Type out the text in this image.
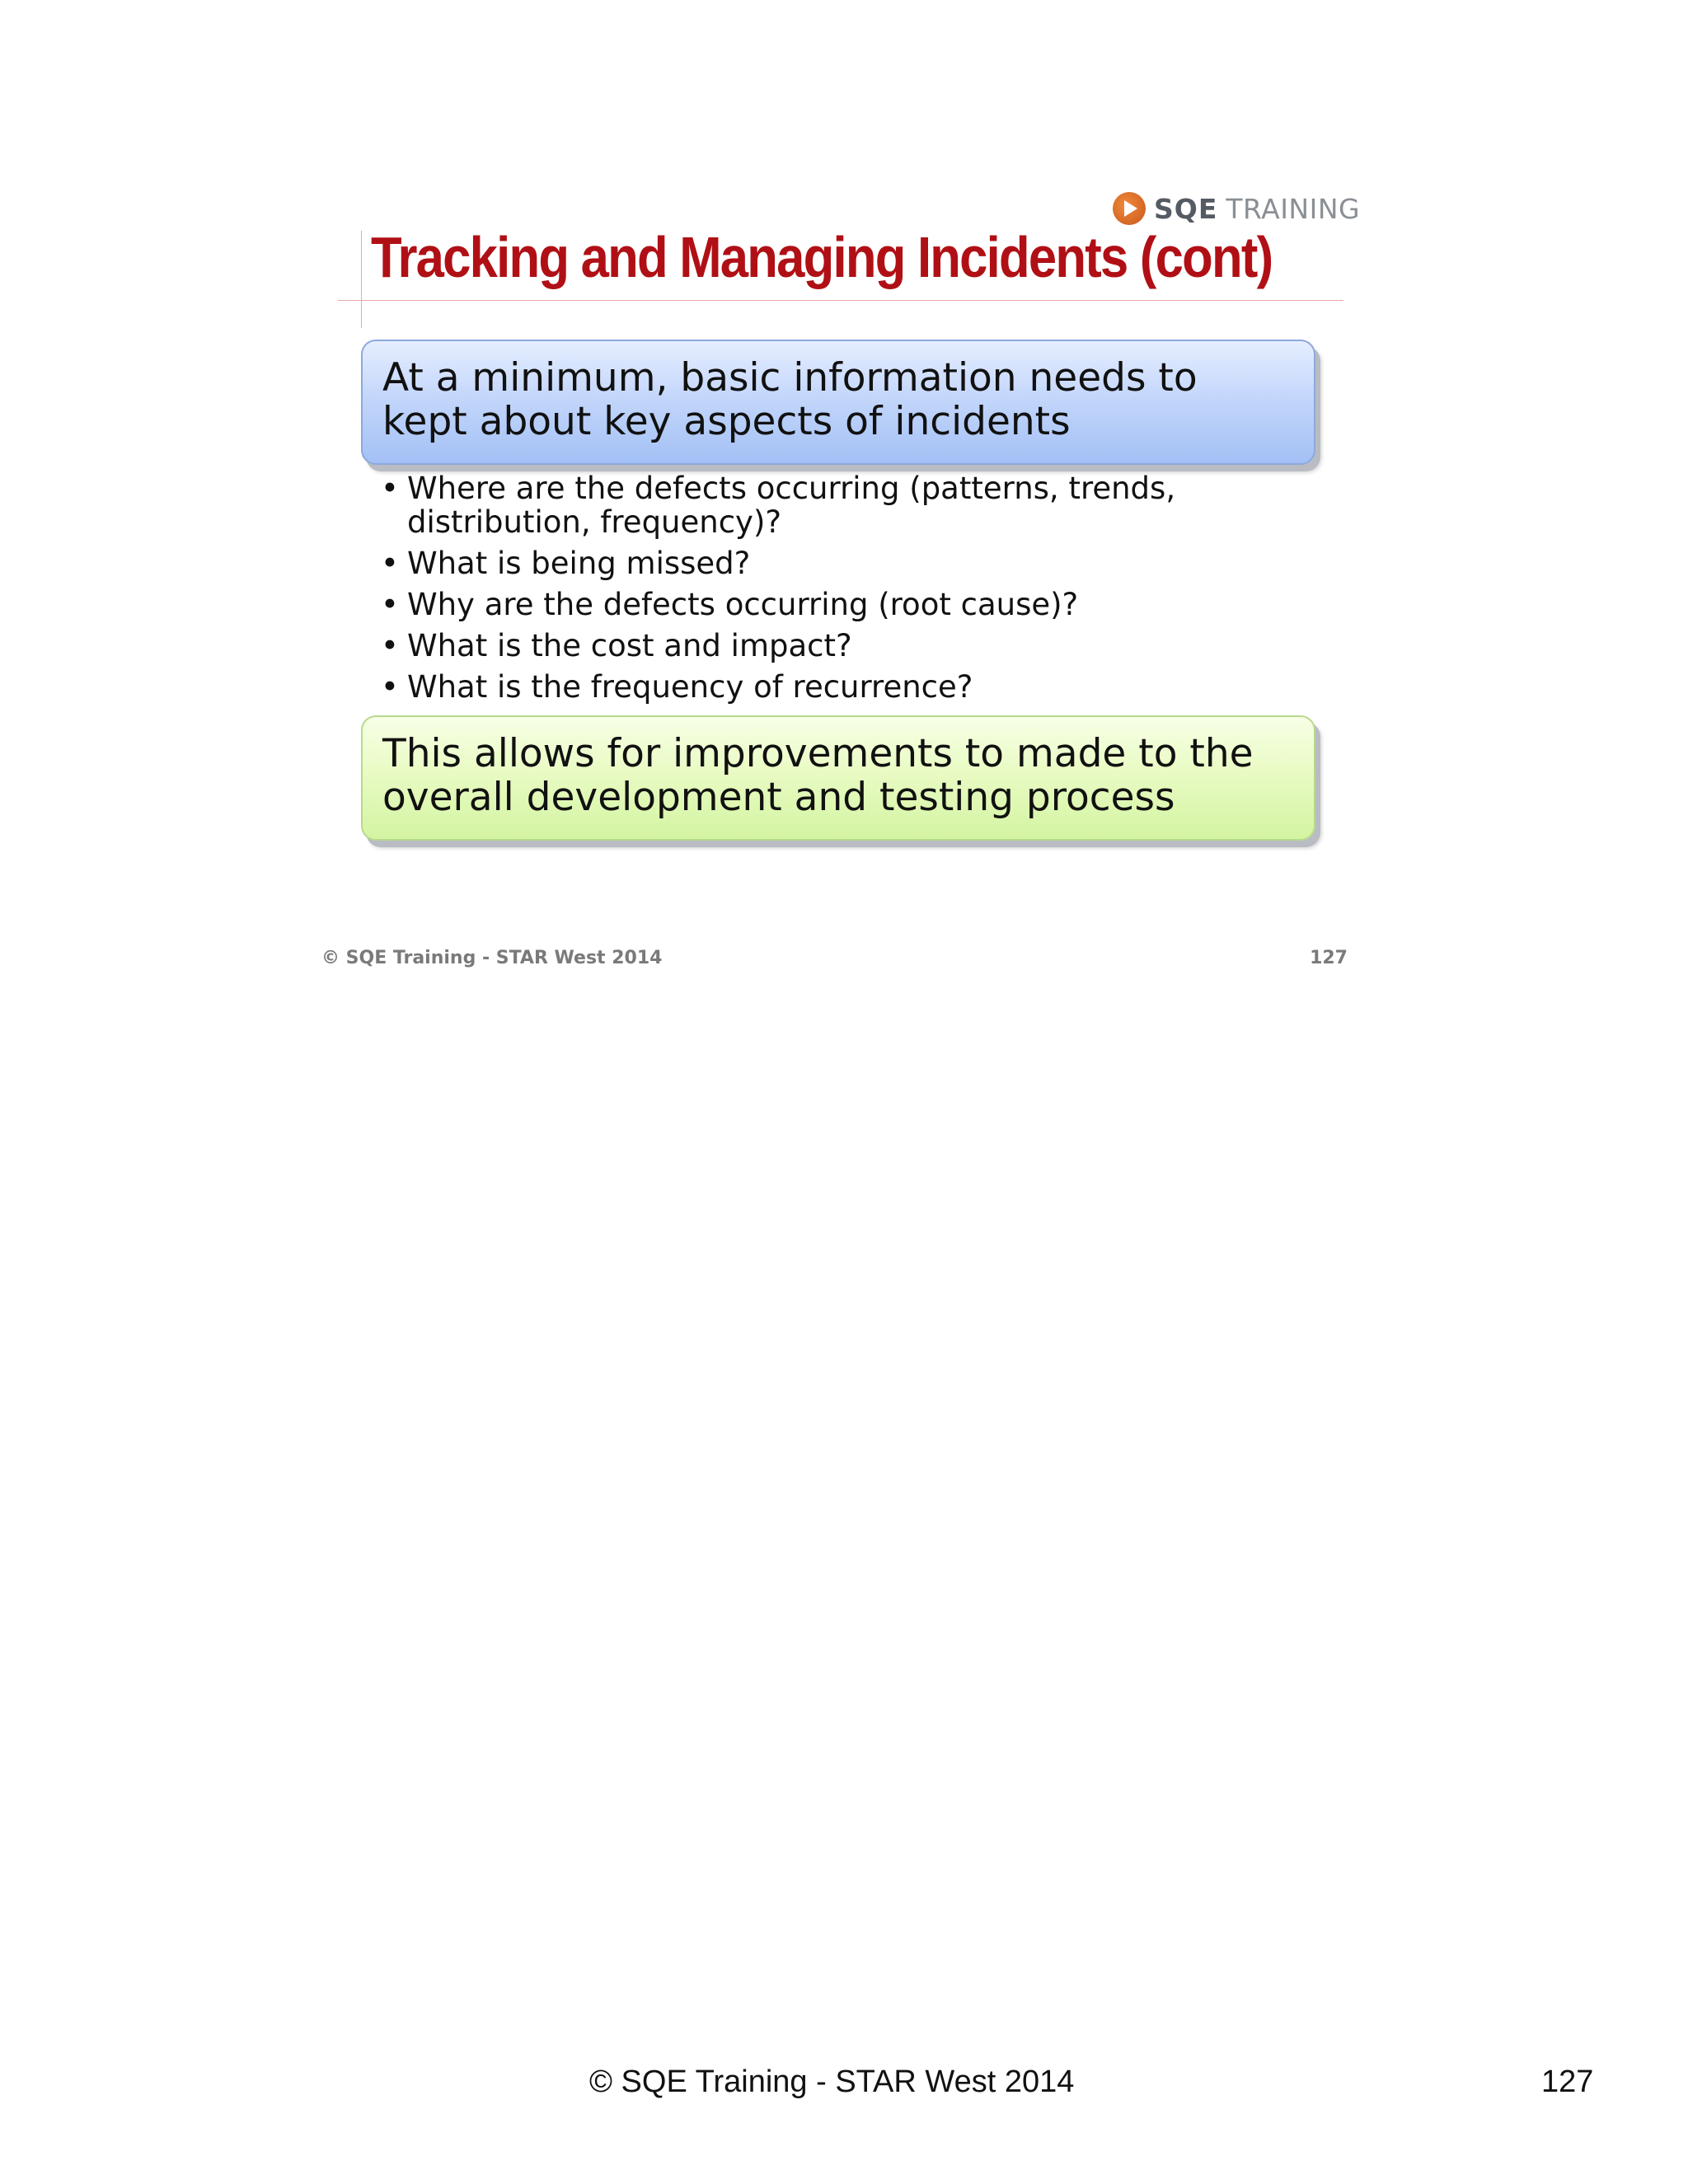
SQE TRAINING
Tracking and Managing Incidents (cont)
At a minimum, basic information needs to kept about key aspects of incidents
• Where are the defects occurring (patterns, trends, distribution, frequency)?
• What is being missed?
• Why are the defects occurring (root cause)?
• What is the cost and impact?
• What is the frequency of recurrence?
This allows for improvements to made to the overall development and testing process
© SQE Training - STAR West 2014	127
© SQE Training - STAR West 2014	127
